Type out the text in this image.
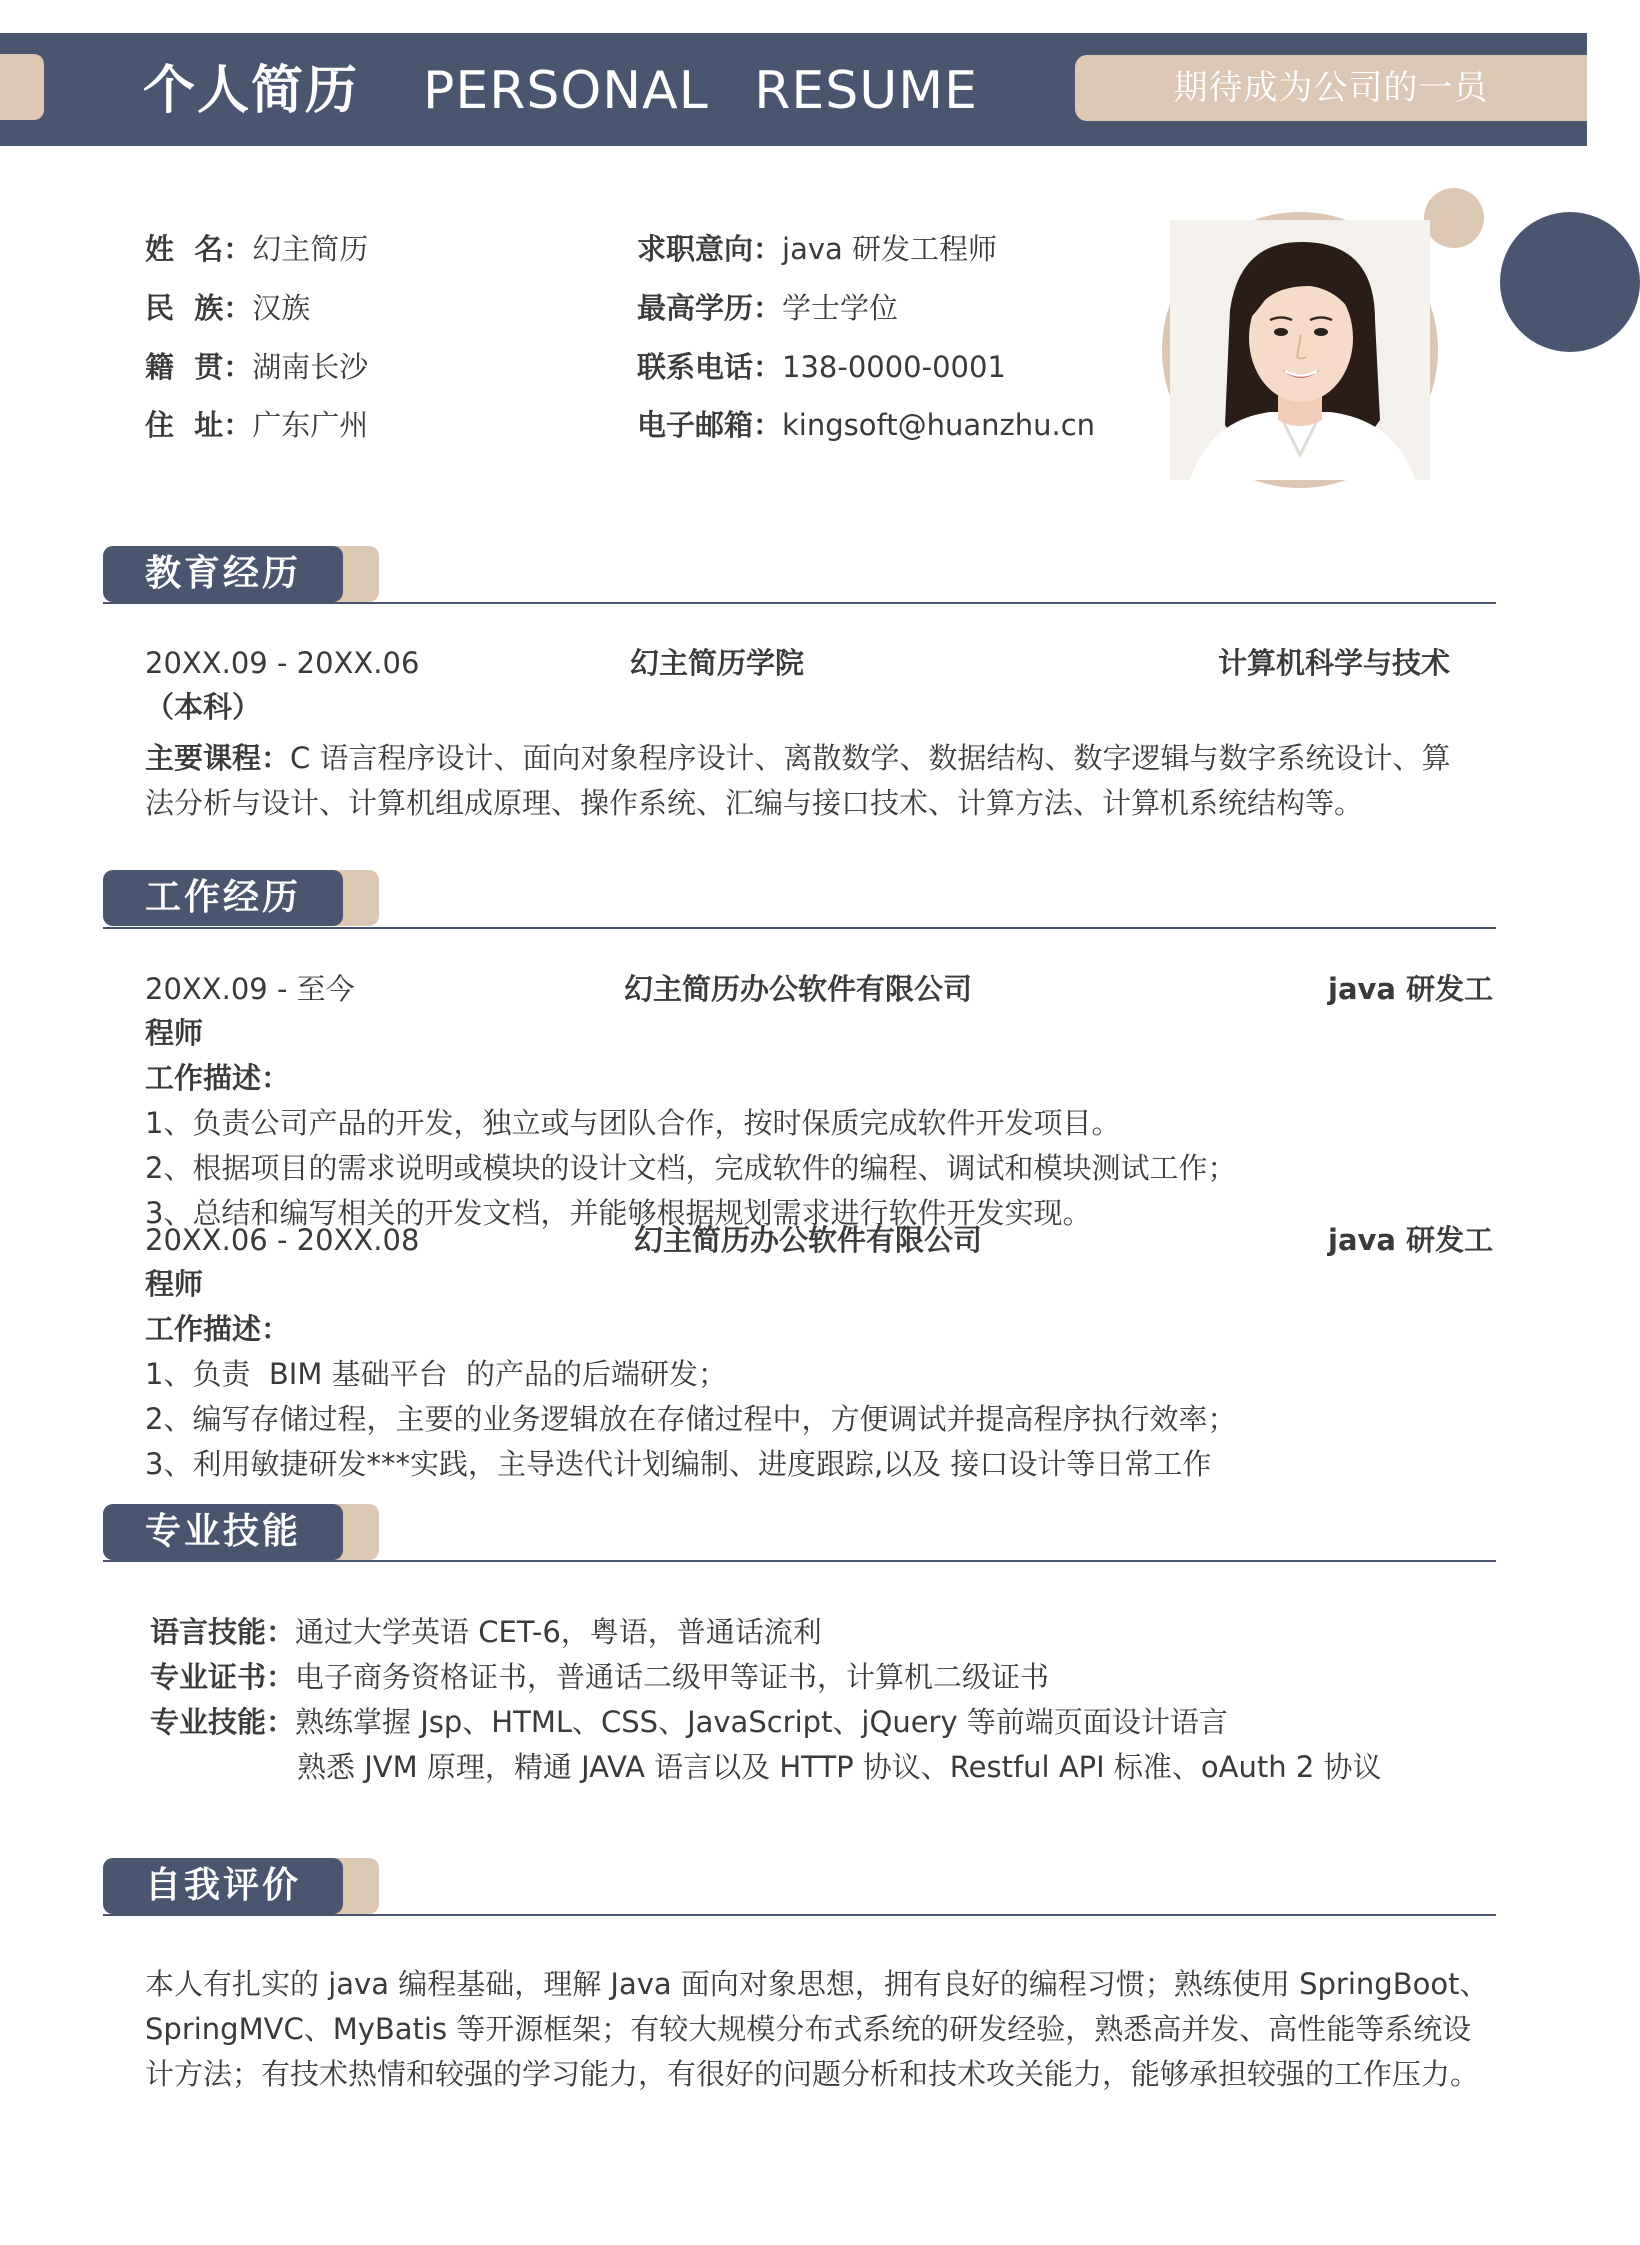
个人简历 PERSONAL RESUME	期待成为公司的一员
姓  名：幻主简历
民  族：汉族
籍  贯：湖南长沙
住  址：广东广州
求职意向：java 研发工程师
最高学历：学士学位
联系电话：138-0000-0001
电子邮箱：kingsoft@huanzhu.cn
教育经历
20XX.09 - 20XX.06	幻主简历学院	计算机科学与技术
（本科）
主要课程：C 语言程序设计、面向对象程序设计、离散数学、数据结构、数字逻辑与数字系统设计、算
法分析与设计、计算机组成原理、操作系统、汇编与接口技术、计算方法、计算机系统结构等。
工作经历
20XX.09 - 至今	幻主简历办公软件有限公司	java 研发工
程师
工作描述：
1、负责公司产品的开发，独立或与团队合作，按时保质完成软件开发项目。
2、根据项目的需求说明或模块的设计文档，完成软件的编程、调试和模块测试工作；
3、总结和编写相关的开发文档，并能够根据规划需求进行软件开发实现。
20XX.06 - 20XX.08	幻主简历办公软件有限公司	java 研发工
程师
工作描述：
1、负责  BIM 基础平台  的产品的后端研发；
2、编写存储过程，主要的业务逻辑放在存储过程中，方便调试并提高程序执行效率；
3、利用敏捷研发***实践，主导迭代计划编制、进度跟踪,以及 接口设计等日常工作
专业技能
语言技能：通过大学英语 CET-6，粤语，普通话流利
专业证书：电子商务资格证书，普通话二级甲等证书，计算机二级证书
专业技能：熟练掌握 Jsp、HTML、CSS、JavaScript、jQuery 等前端页面设计语言
熟悉 JVM 原理，精通 JAVA 语言以及 HTTP 协议、Restful API 标准、oAuth 2 协议
自我评价
本人有扎实的 java 编程基础，理解 Java 面向对象思想，拥有良好的编程习惯；熟练使用 SpringBoot、
SpringMVC、MyBatis 等开源框架；有较大规模分布式系统的研发经验，熟悉高并发、高性能等系统设
计方法；有技术热情和较强的学习能力，有很好的问题分析和技术攻关能力，能够承担较强的工作压力。
